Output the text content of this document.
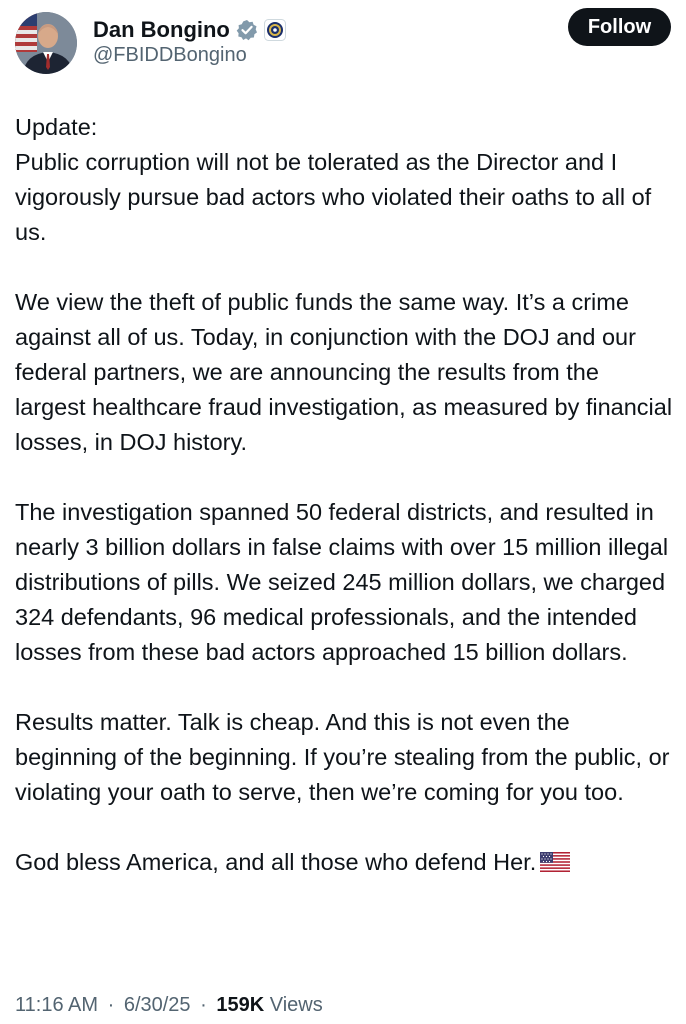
Dan Bongino
@FBIDDBongino
Follow

Update:
Public corruption will not be tolerated as the Director and I vigorously pursue bad actors who violated their oaths to all of us.

We view the theft of public funds the same way. It’s a crime against all of us. Today, in conjunction with the DOJ and our federal partners, we are announcing the results from the largest healthcare fraud investigation, as measured by financial losses, in DOJ history.

The investigation spanned 50 federal districts, and resulted in nearly 3 billion dollars in false claims with over 15 million illegal distributions of pills. We seized 245 million dollars, we charged 324 defendants, 96 medical professionals, and the intended losses from these bad actors approached 15 billion dollars.

Results matter. Talk is cheap. And this is not even the beginning of the beginning. If you’re stealing from the public, or violating your oath to serve, then we’re coming for you too.

God bless America, and all those who defend Her.

11:16 AM · 6/30/25 · 159K Views
